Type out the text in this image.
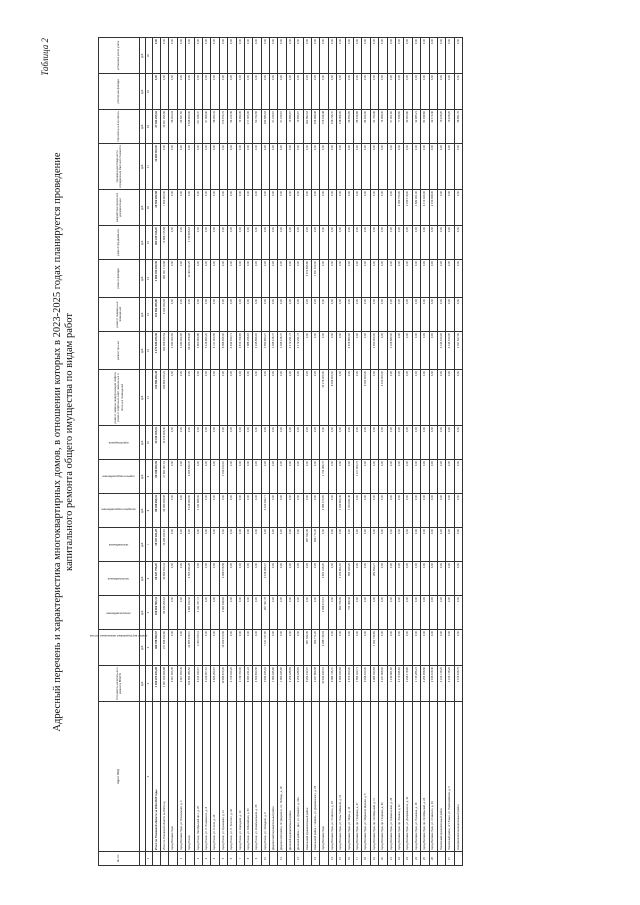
Таблица 2
Адресный перечень и характеристика многоквартирных домов, в отношении которых в 2023-2025 годах планируется проведение капитального ремонта общего имущества по видам работ
№ п/п	Адрес МКД	Стоимость капитального ремонта ВСЕГО	ремонт внутридомовых инженерных систем	электроснабжения	теплоснабжения	газоснабжения	холодного водоснабжения	горячего водоснабжения	водоотведения	ремонт, замена, модернизация лифтов, ремонт лифтовых шахт, машинных и блочных помещений	ремонт крыши	ремонт подвальных помещений	ремонт фасада	ремонт фундамента	разработка проектной документации	проверка достоверности определения сметной стоимости	строительный контроль	утепление фасада	установка узлов учета
		руб.	руб.	руб.	руб.	руб.	руб.	руб.	руб.	руб.	руб.	руб.	руб.	руб.	руб.	руб.	руб.	руб.	руб.
1	2	3	4	5	6	7	8	9	10	11	12	13	14	15	16	17	18	19	20
	Итого по Псковской области за 2023-2025 годы	4 196 205 934,98	489 768 552,57	158 909 564,41	99 187 756,20	28 457 921,25	88 468 996,31	69 028 364,09	46 119 406,31	113 581 264,48	1 172 639 233,06	101 693 260,80	1 856 453 160,35	393 445 146,20	26 509 260,58	42 960 000,00	37 491 253,12	0,00	0,00
	Итого по Псковской области за 2023 год	1 587 320 499,88	217 846 912,60	84 440 295,18	45 894 553,41	13 283 325,61	34 080 958,98	27 661 367,01	12 476 408,40	249 853 150,22	432 908 819,53	3 322 093,06	581 097 173,98	72 688 725,68	7 603 400,00	0,00	13 407 455,56	0,00	0,00
	город Великие Луки	3 407 950,45	0,00	0,00	0,00	0,00	0,00	0,00	0,00	0,00	2 343 302,95	0,00	0,00	0,00	0,00	0,00	96 203,04	0,00	0,00
1	город Великие Луки, ул. Вокзальная, д. 4	3 407 950,45	0,00	0,00	0,00	0,00	0,00	0,00	0,00	0,00	3 343 302,95	0,00	0,00	0,00	0,00	0,00	64 647,50	0,00	0,00
	город Псков	194 664 083,50	22 855 198,07	4 681 163,42	4 505 344,28	0,00	9 128 364,50	3 455 644,76	0,00	0,00	96 405 208,06	0,00	12 400 112,25	1 740 608,18	0,00	0,00	3 528 900,00	0,00	0,00
2	город Псков, Октябрьский пр-т, д. 25	6 154 340,97	2 353 476,11	1 311 787,72	0,00	0,00	1 041 688,39	0,00	0,00	0,00	3 800 864,86	0,00	0,00	0,00	0,00	0,00	117 026,47	0,00	0,00
3	город Псков, ул. Л. Поземского, д. 8	5 223 957,10	0,00	0,00	0,00	0,00	0,00	0,00	0,00	0,00	5 126 890,20	0,00	0,00	0,00	0,00	0,00	97 066,90	0,00	0,00
4	город Псков, ул. Гоголя, д. 25	4 825 264,97	0,00	0,00	0,00	0,00	0,00	0,00	0,00	0,00	4 727 004,56	0,00	0,00	0,00	0,00	0,00	98 260,41	0,00	0,00
5	город Псков, ул. Кузнецкая, д. 12	19 996 879,35	13 053 974,56	2 461 938,84	2 368 978,56	0,00	0,00	1 913 104,10	0,00	0,00	6 568 925,00	0,00	0,00	0,00	0,00	0,00	373 979,79	0,00	0,00
6	город Псков, ул. Л. Толстого, д. 20	4 709 024,20	0,00	0,00	0,00	0,00	0,00	0,00	0,00	0,00	4 614 813,71	0,00	0,00	0,00	0,00	0,00	94 210,49	0,00	0,00
7	город Псков, ул. Народная, д. 10	3 749 763,00	0,00	0,00	0,00	0,00	0,00	0,00	0,00	0,00	3 674 769,65	0,00	0,00	0,00	0,00	0,00	74 993,35	0,00	0,00
8	город Псков, ул. Юбилейная, д. 50	8 063 241,22	0,00	0,00	0,00	0,00	0,00	0,00	0,00	0,00	7 886 236,16	0,00	0,00	0,00	0,00	0,00	177 005,06	0,00	0,00
9	город Псков, ул. Коммунальная, д. 45	4 509 690,56	0,00	0,00	0,00	0,00	0,00	0,00	0,00	0,00	4 418 896,00	0,00	0,00	0,00	0,00	0,00	90 794,56	0,00	0,00
10	город Псков, ул. Западная, д. 9	9 924 185,91	7 147 747,60	907 437,76	2 136 366,07	0,00	4 103 943,77	0,00	0,00	0,00	2 593 853,27	0,00	0,00	0,00	0,00	0,00	182 585,04	0,00	0,00
	Дедовичский муниципальный район	1 963 445,80	0,00	0,00	0,00	0,00	0,00	0,00	0,00	0,00	1 926 126,70	0,00	0,00	0,00	0,00	0,00	37 319,10	0,00	0,00
11	Дедовичский район, пгт Дедовичи, пл. Победы, д. 18	1 963 445,80	0,00	0,00	0,00	0,00	0,00	0,00	0,00	0,00	1 926 126,70	0,00	0,00	0,00	0,00	0,00	37 319,10	0,00	0,00
	Дновский муниципальный район	4 259 188,69	0,00	0,00	0,00	0,00	0,00	0,00	0,00	0,00	4 179 231,72	0,00	0,00	0,00	0,00	0,00	79 956,97	0,00	0,00
12	Дновский район, г. Дно, ул. Урицкого, д. 33а	4 259 188,69	0,00	0,00	0,00	0,00	0,00	0,00	0,00	0,00	4 179 231,72	0,00	0,00	0,00	0,00	0,00	79 956,97	0,00	0,00
	Невельский муниципальный район	6 254 130,37	987 542,39	0,00	0,00	987 542,39	0,00	0,00	0,00	0,00	0,00	0,00	4 873 695,80	0,00	0,00	0,00	392 892,18	0,00	0,00
13	Невельский район, г. Невель, ул. Дзержинского, д. 25	2 327 869,58	493 771,20	0,00	0,00	493 771,20	0,00	0,00	0,00	0,00	0,00	0,00	1 637 100,00	0,00	0,00	0,00	196 998,38	0,00	0,00
	город Великие Луки	33 942 945,51	9 288 749,03	2 498 470,13	2 651 418,20	0,00	2 384 475,95	1 754 384,75	0,00	24 278 000,00	0,00	0,00	0,00	0,00	0,00	0,00	376 196,48	0,00	0,00
14	город Великие Луки, ул. Ставского, д. 18	9 084 736,47	0,00	0,00	0,00	0,00	0,00	0,00	0,00	8 926 000,00	0,00	0,00	0,00	0,00	0,00	0,00	158 736,47	0,00	0,00
15	город Великие Луки, ул. Лизы Чайкиной, д. 10	4 999 434,82	0,00	662 759,99	1 253 864,00	0,00	1 329 664,49	0,00	0,00	0,00	0,00	0,00	0,00	0,00	0,00	0,00	138 956,95	0,00	0,00
16	город Великие Луки, ул. Мира, д. 15	4 873 400,00	0,00	751 468,43	564 029,20	0,00	1 054 811,46	0,00	0,00	0,00	4 876 864,00	0,00	0,00	0,00	0,00	0,00	96 553,95	0,00	0,00
17	город Великие Луки, пр. Гагарина, д. 47	1 564 423,71	0,00	0,00	0,00	0,00	0,00	1 477 903,75	0,00	0,00	0,00	0,00	0,00	0,00	0,00	0,00	86 519,96	0,00	0,00
18	город Великие Луки, ул. Маршала Жукова, д. 5	9 436 420,00	0,00	0,00	0,00	0,00	0,00	0,00	0,00	9 352 000,00	0,00	0,00	0,00	0,00	0,00	0,00	84 420,00	0,00	0,00
19	город Великие Луки, пр. Октябрьский, д. 17	3 984 530,65	1 302 739,69	0,00	282 814,27	0,00	0,00	0,00	0,00	0,00	2 590 000,00	0,00	0,00	0,00	0,00	0,00	91 790,96	0,00	0,00
20	город Великие Луки, пр. Гагарина, д. 63	4 227 968,00	0,00	0,00	0,00	0,00	0,00	0,00	0,00	4 153 000,00	0,00	0,00	0,00	0,00	0,00	0,00	74 968,00	0,00	0,00
21	город Великие Луки, ул. Клиническая, д. 26	1 143 981,60	0,00	0,00	0,00	0,00	0,00	0,00	0,00	0,00	1 106 680,00	0,00	0,00	0,00	0,00	0,00	37 301,60	0,00	0,00
22	город Великие Луки, пр. Ленина, д. 21	4 170 936,60	0,00	0,00	0,00	0,00	0,00	0,00	0,00	0,00	0,00	0,00	0,00	0,00	4 093 750,00	0,00	77 186,60	0,00	0,00
23	город Великие Луки, ул. Дзержинского, д. 31	2 236 178,80	0,00	0,00	0,00	0,00	0,00	0,00	0,00	0,00	0,00	0,00	0,00	0,00	2 193 178,00	0,00	43 000,80	0,00	0,00
24	город Великие Луки, ул. Пушкина, д. 16	1 715 286,21	0,00	0,00	0,00	0,00	0,00	0,00	0,00	0,00	0,00	0,00	0,00	0,00	1 682 301,00	0,00	32 985,21	0,00	0,00
25	город Великие Луки, пр. Октябрьский, д. 24	4 254 958,60	0,00	0,00	0,00	0,00	0,00	0,00	0,00	0,00	0,00	0,00	0,00	0,00	4 173 020,00	0,00	81 938,60	0,00	0,00
26	город Великие Луки, ул. Ставского, д. 33	2 196 108,40	0,00	0,00	0,00	0,00	0,00	0,00	0,00	0,00	0,00	0,00	0,00	0,00	2 153 938,00	0,00	42 170,40	0,00	0,00
	Локнянский муниципальный район	4 213 718,20	0,00	0,00	0,00	0,00	0,00	0,00	0,00	0,00	4 134 610,00	0,00	0,00	0,00	0,00	0,00	79 108,20	0,00	0,00
27	Локнянский район, пгт Локня, ул. Первомайская, д. 5	4 213 718,20	0,00	0,00	0,00	0,00	0,00	0,00	0,00	0,00	4 134 610,00	0,00	0,00	0,00	0,00	0,00	79 108,20	0,00	0,00
	Новоржевский муниципальный район	2 076 618,76	0,00	0,00	0,00	0,00	0,00	0,00	0,00	0,00	2 037 627,00	0,00	0,00	0,00	0,00	0,00	38 991,76	0,00	0,00
